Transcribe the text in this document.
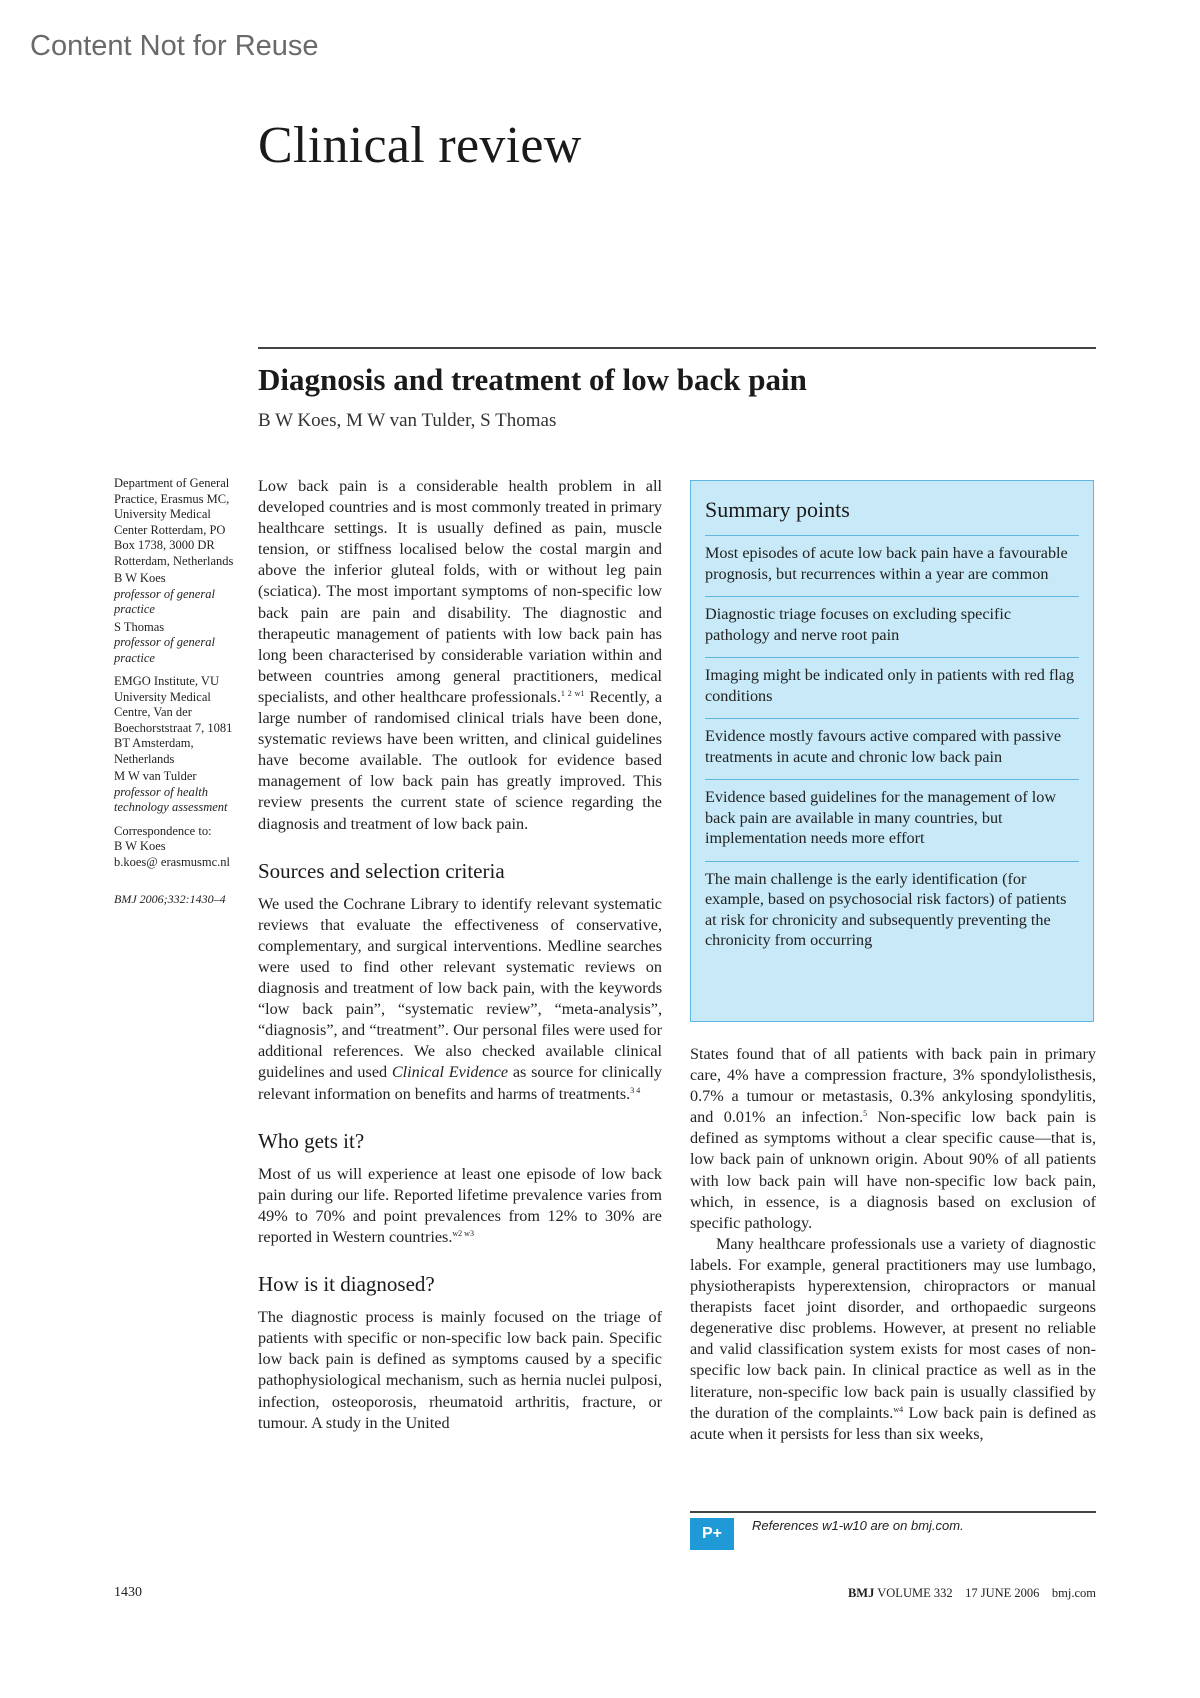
Content Not for Reuse
Clinical review
Diagnosis and treatment of low back pain
B W Koes, M W van Tulder, S Thomas
Department of General Practice, Erasmus MC, University Medical Center Rotterdam, PO Box 1738, 3000 DR Rotterdam, Netherlands
B W Koes
professor of general practice
S Thomas
professor of general practice
EMGO Institute, VU University Medical Centre, Van der Boechorststraat 7, 1081 BT Amsterdam, Netherlands
M W van Tulder
professor of health technology assessment
Correspondence to:
B W Koes
b.koes@ erasmusmc.nl
BMJ 2006;332:1430–4

Low back pain is a considerable health problem in all developed countries and is most commonly treated in primary healthcare settings. It is usually defined as pain, muscle tension, or stiffness localised below the costal margin and above the inferior gluteal folds, with or without leg pain (sciatica). The most important symptoms of non-specific low back pain are pain and disability. The diagnostic and therapeutic management of patients with low back pain has long been characterised by considerable variation within and between countries among general practitioners, medical specialists, and other healthcare professionals.$^{1 2 w1}$ Recently, a large number of randomised clinical trials have been done, systematic reviews have been written, and clinical guidelines have become available. The outlook for evidence based management of low back pain has greatly improved. This review presents the current state of science regarding the diagnosis and treatment of low back pain.

Sources and selection criteria

We used the Cochrane Library to identify relevant systematic reviews that evaluate the effectiveness of conservative, complementary, and surgical interventions. Medline searches were used to find other relevant systematic reviews on diagnosis and treatment of low back pain, with the keywords “low back pain”, “systematic review”, “meta-analysis”, “diagnosis”, and “treatment”. Our personal files were used for additional references. We also checked available clinical guidelines and used Clinical Evidence as source for clinically relevant information on benefits and harms of treatments.$^{3 4}$

Who gets it?

Most of us will experience at least one episode of low back pain during our life. Reported lifetime prevalence varies from 49% to 70% and point prevalences from 12% to 30% are reported in Western countries.$^{w2 w3}$

How is it diagnosed?

The diagnostic process is mainly focused on the triage of patients with specific or non-specific low back pain. Specific low back pain is defined as symptoms caused by a specific pathophysiological mechanism, such as hernia nuclei pulposi, infection, osteoporosis, rheumatoid arthritis, fracture, or tumour. A study in the United

Summary points
Most episodes of acute low back pain have a favourable prognosis, but recurrences within a year are common
Diagnostic triage focuses on excluding specific pathology and nerve root pain
Imaging might be indicated only in patients with red flag conditions
Evidence mostly favours active compared with passive treatments in acute and chronic low back pain
Evidence based guidelines for the management of low back pain are available in many countries, but implementation needs more effort
The main challenge is the early identification (for example, based on psychosocial risk factors) of patients at risk for chronicity and subsequently preventing the chronicity from occurring

States found that of all patients with back pain in primary care, 4% have a compression fracture, 3% spondylolisthesis, 0.7% a tumour or metastasis, 0.3% ankylosing spondylitis, and 0.01% an infection.$^5$ Non-specific low back pain is defined as symptoms without a clear specific cause—that is, low back pain of unknown origin. About 90% of all patients with low back pain will have non-specific low back pain, which, in essence, is a diagnosis based on exclusion of specific pathology.

Many healthcare professionals use a variety of diagnostic labels. For example, general practitioners may use lumbago, physiotherapists hyperextension, chiropractors or manual therapists facet joint disorder, and orthopaedic surgeons degenerative disc problems. However, at present no reliable and valid classification system exists for most cases of non-specific low back pain. In clinical practice as well as in the literature, non-specific low back pain is usually classified by the duration of the complaints.$^{w4}$ Low back pain is defined as acute when it persists for less than six weeks,

P+	References w1-w10 are on bmj.com.
1430	BMJ VOLUME 332    17 JUNE 2006    bmj.com
